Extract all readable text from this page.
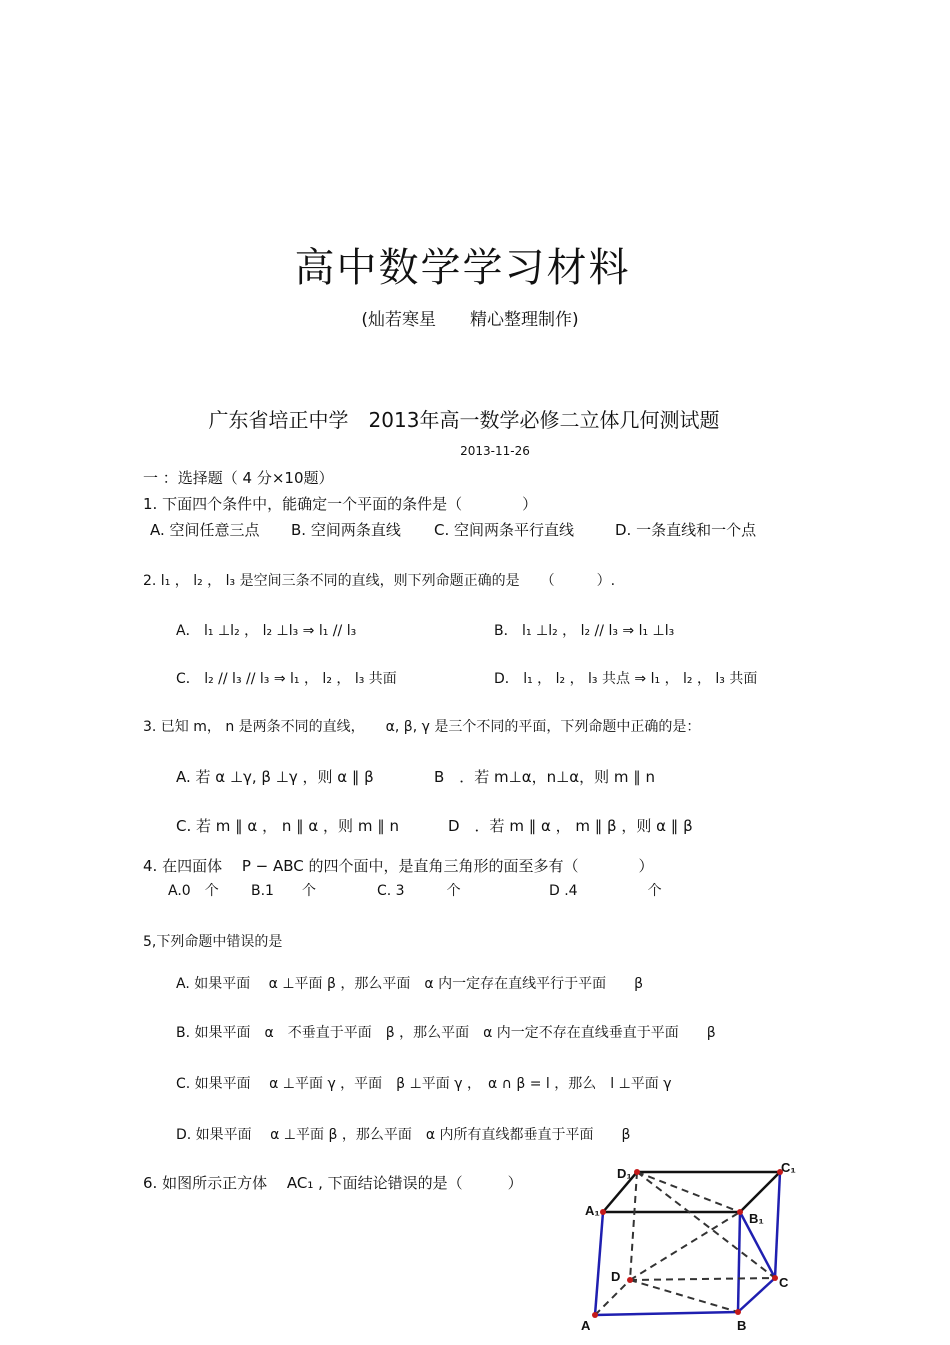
高中数学学习材料
(灿若寒星　　精心整理制作)
广东省培正中学　2013年高一数学必修二立体几何测试题
2013-11-26
一 ：选择题（ 4 分×10题）
1. 下面四个条件中，能确定一个平面的条件是（　　　　）
A. 空间任意三点 B. 空间两条直线 C. 空间两条平行直线	D. 一条直线和一个点
2. l₁ ， l₂ ， l₃ 是空间三条不同的直线，则下列命题正确的是　　（　　　）.
A． l₁ ⊥l₂ ， l₂ ⊥l₃ ⇒ l₁ // l₃	B． l₁ ⊥l₂ ， l₂ // l₃ ⇒ l₁ ⊥l₃
C． l₂ // l₃ // l₃ ⇒ l₁ ， l₂ ， l₃ 共面	D． l₁ ， l₂ ， l₃ 共点 ⇒ l₁ ， l₂ ， l₃ 共面
3. 已知 m， n 是两条不同的直线，　　α, β, γ 是三个不同的平面，下列命题中正确的是：
A. 若 α ⊥γ, β ⊥γ ，则 α ∥ β	B　．若 m⊥α，n⊥α，则 m ∥ n
C. 若 m ∥ α ， n ∥ α ，则 m ∥ n	D　．若 m ∥ α ， m ∥ β ，则 α ∥ β
4. 在四面体 　P − ABC 的四个面中，是直角三角形的面至多有（　　　　）
A.0　个 B.1　　个	C. 3　　　个	D .4　　　　　个
5,下列命题中错误的是
A. 如果平面 　α ⊥平面 β ，那么平面　α 内一定存在直线平行于平面　　β
B. 如果平面　α　不垂直于平面　β ，那么平面　α 内一定不存在直线垂直于平面　　β
C. 如果平面 　α ⊥平面 γ ，平面　β ⊥平面 γ ，　α ∩ β = l ，那么　l ⊥平面 γ
D. 如果平面 　α ⊥平面 β ，那么平面　α 内所有直线都垂直于平面　　β
6. 如图所示正方体 　AC₁ , 下面结论错误的是（　　　）
D₁	C₁
A₁
B₁
D	C
A	B
